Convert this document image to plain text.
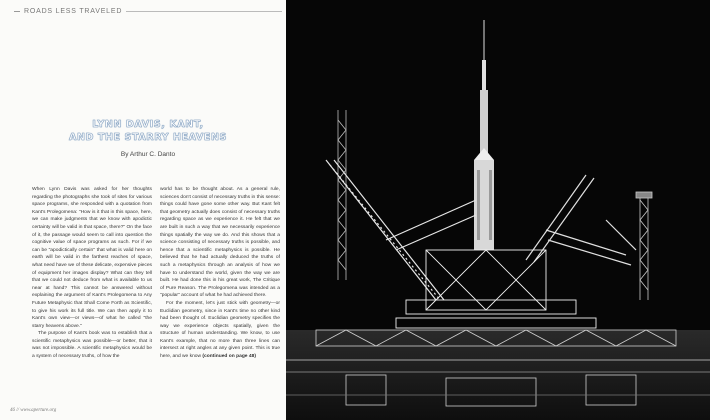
ROADS LESS TRAVELED
LYNN DAVIS, KANT,
AND THE STARRY HEAVENS
By Arthur C. Danto

When Lynn Davis was asked for her thoughts regarding the photographs she took of sites for various space programs, she responded with a quotation from Kant's Prolegomena: "How is it that in this space, here, we can make judgments that we know with apodictic certainty will be valid in that space, there?" On the face of it, the passage would seem to call into question the cognitive value of space programs as such. For if we can be "apodictically certain" that what is valid here on earth will be valid in the farthest reaches of space, what need have we of these delicate, expensive pieces of equipment her images display? What can they tell that we could not deduce from what is available to us near at hand? This cannot be answered without explaining the argument of Kant's Prolegomena to Any Future Metaphysic that Shall Come Forth as Scientific, to give his work its full title. We can then apply it to Kant's own view—or views—of what he called "the starry heavens above."

The purpose of Kant's book was to establish that a scientific metaphysics was possible—or better, that it was not impossible. A scientific metaphysics would be a system of necessary truths, of how the

world has to be thought about. As a general rule, sciences don't consist of necessary truths in this sense: things could have gone some other way. But Kant felt that geometry actually does consist of necessary truths regarding space as we experience it. He felt that we are built in such a way that we necessarily experience things spatially the way we do. And this shows that a science consisting of necessary truths is possible, and hence that a scientific metaphysics is possible. He believed that he had actually deduced the truths of such a metaphysics through an analysis of how we have to understand the world, given the way we are built. He had done this in his great work, The Critique of Pure Reason. The Prolegomena was intended as a "popular" account of what he had achieved there.

For the moment, let's just stick with geometry—or Euclidian geometry, since in Kant's time no other kind had been thought of. Euclidian geometry specifies the way we experience objects spatially, given the structure of human understanding. We know, to use Kant's example, that no more than three lines can intersect at right angles at any given point. This is true here, and we know (continued on page 48)

46 // www.aperture.org
